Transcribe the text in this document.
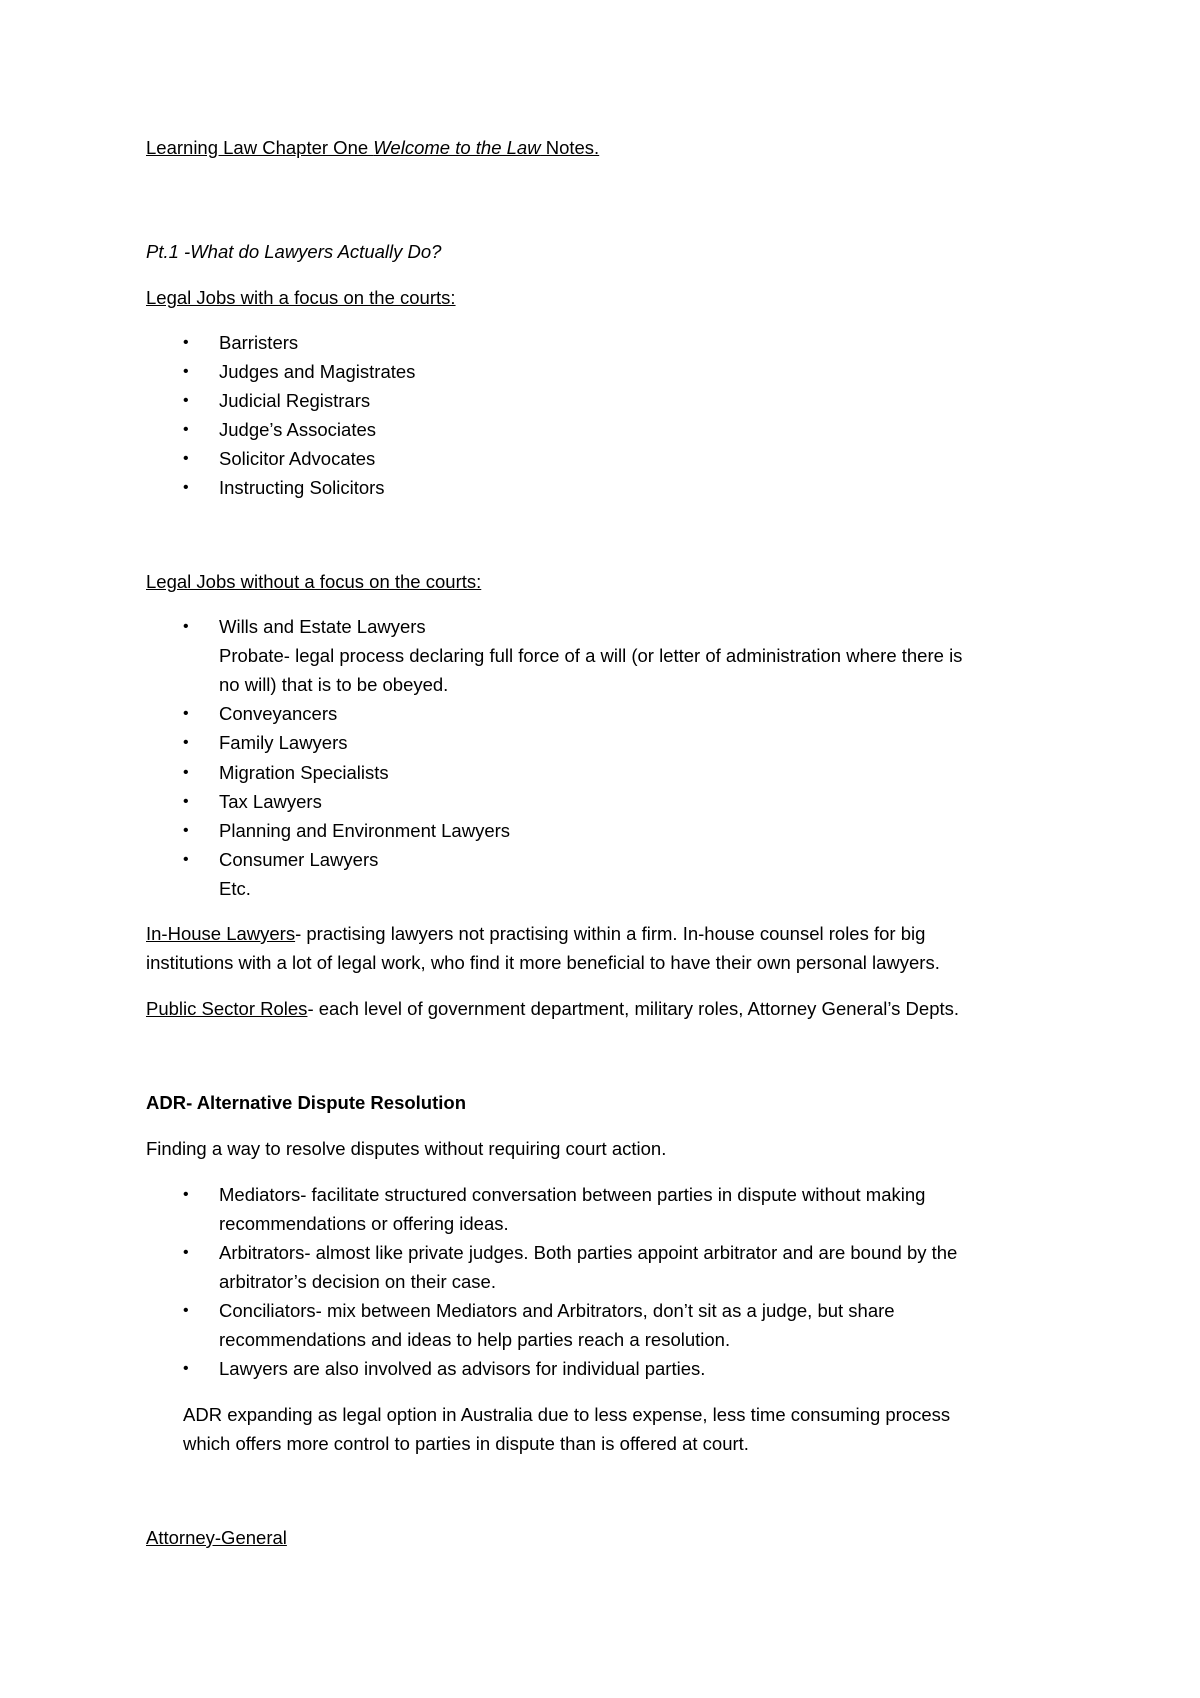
Learning Law Chapter One Welcome to the Law Notes.
Pt.1 -What do Lawyers Actually Do?
Legal Jobs with a focus on the courts:
•	Barristers
•	Judges and Magistrates
•	Judicial Registrars
•	Judge’s Associates
•	Solicitor Advocates
•	Instructing Solicitors
Legal Jobs without a focus on the courts:
•	Wills and Estate Lawyers
Probate- legal process declaring full force of a will (or letter of administration where there is
no will) that is to be obeyed.
•	Conveyancers
•	Family Lawyers
•	Migration Specialists
•	Tax Lawyers
•	Planning and Environment Lawyers
•	Consumer Lawyers
Etc.
In-House Lawyers- practising lawyers not practising within a firm. In-house counsel roles for big
institutions with a lot of legal work, who find it more beneficial to have their own personal lawyers.
Public Sector Roles- each level of government department, military roles, Attorney General’s Depts.
ADR- Alternative Dispute Resolution
Finding a way to resolve disputes without requiring court action.
•	Mediators- facilitate structured conversation between parties in dispute without making
recommendations or offering ideas.
•	Arbitrators- almost like private judges. Both parties appoint arbitrator and are bound by the
arbitrator’s decision on their case.
•	Conciliators- mix between Mediators and Arbitrators, don’t sit as a judge, but share
recommendations and ideas to help parties reach a resolution.
•	Lawyers are also involved as advisors for individual parties.
ADR expanding as legal option in Australia due to less expense, less time consuming process
which offers more control to parties in dispute than is offered at court.
Attorney-General
